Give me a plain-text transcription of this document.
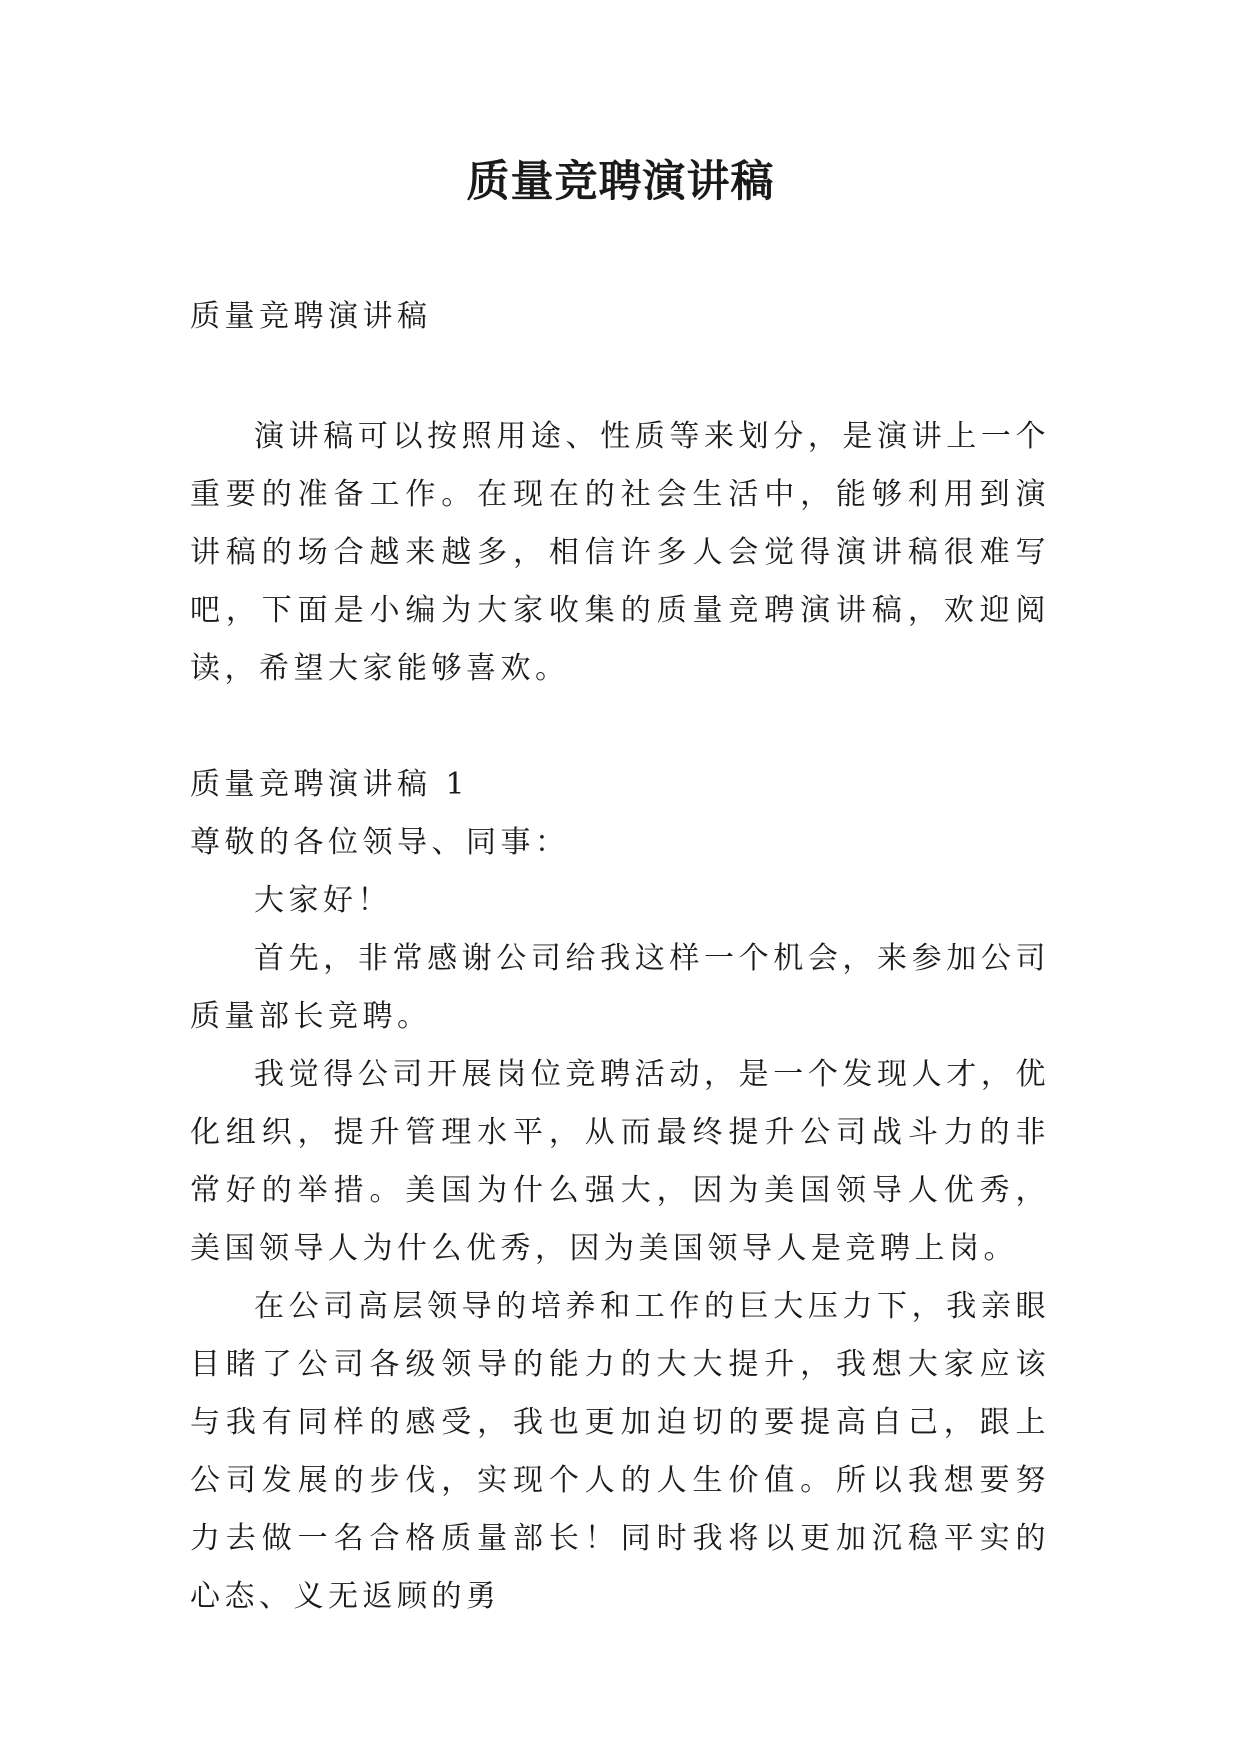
质量竞聘演讲稿
质量竞聘演讲稿

演讲稿可以按照用途、性质等来划分，是演讲上一个重要的准备工作。在现在的社会生活中，能够利用到演讲稿的场合越来越多，相信许多人会觉得演讲稿很难写吧，下面是小编为大家收集的质量竞聘演讲稿，欢迎阅读，希望大家能够喜欢。

质量竞聘演讲稿 1
尊敬的各位领导、同事：

大家好！

首先，非常感谢公司给我这样一个机会，来参加公司质量部长竞聘。

我觉得公司开展岗位竞聘活动，是一个发现人才，优化组织，提升管理水平，从而最终提升公司战斗力的非常好的举措。美国为什么强大，因为美国领导人优秀，美国领导人为什么优秀，因为美国领导人是竞聘上岗。

在公司高层领导的培养和工作的巨大压力下，我亲眼目睹了公司各级领导的能力的大大提升，我想大家应该与我有同样的感受，我也更加迫切的要提高自己，跟上公司发展的步伐，实现个人的人生价值。所以我想要努力去做一名合格质量部长！同时我将以更加沉稳平实的心态、义无返顾的勇
